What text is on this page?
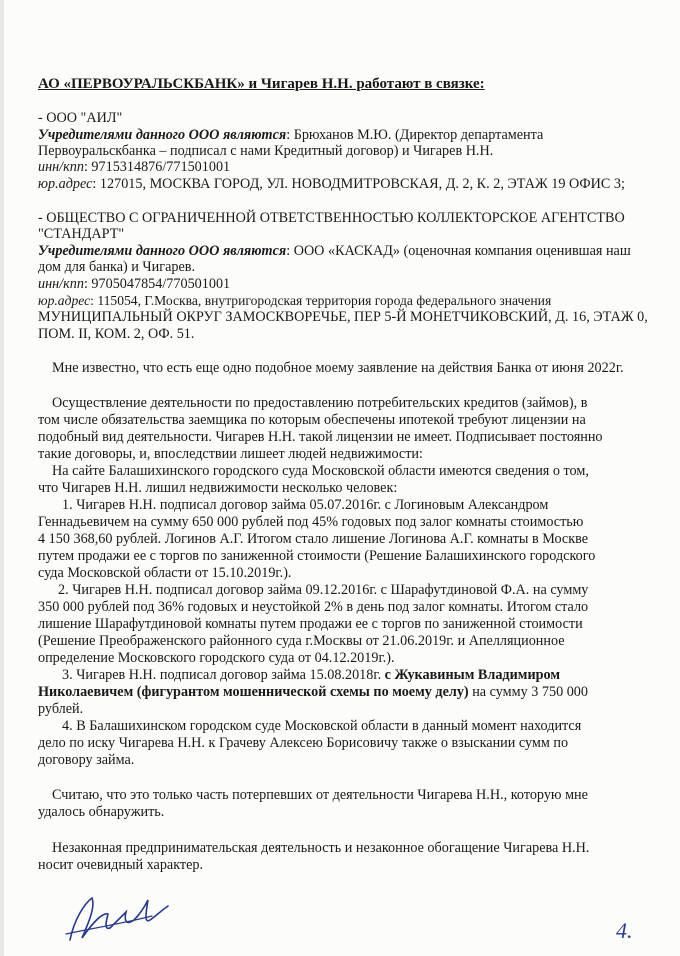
АО «ПЕРВОУРАЛЬСКБАНК» и Чигарев Н.Н. работают в связке:
- ООО "АИЛ"
Учредителями данного ООО являются: Брюханов М.Ю. (Директор департамента
Первоуральскбанка – подписал с нами Кредитный договор) и Чигарев Н.Н.
инн/кпп: 9715314876/771501001
юр.адрес: 127015, МОСКВА ГОРОД, УЛ. НОВОДМИТРОВСКАЯ, Д. 2, К. 2, ЭТАЖ 19 ОФИС 3;
- ОБЩЕСТВО С ОГРАНИЧЕННОЙ ОТВЕТСТВЕННОСТЬЮ КОЛЛЕКТОРСКОЕ АГЕНТСТВО
"СТАНДАРТ"
Учредителями данного ООО являются: ООО «КАСКАД» (оценочная компания оценившая наш
дом для банка) и Чигарев.
инн/кпп: 9705047854/770501001
юр.адрес: 115054, Г.Москва, внутригородская территория города федерального значения
МУНИЦИПАЛЬНЫЙ ОКРУГ ЗАМОСКВОРЕЧЬЕ, ПЕР 5-Й МОНЕТЧИКОВСКИЙ, Д. 16, ЭТАЖ 0,
ПОМ. II, КОМ. 2, ОФ. 51.
Мне известно, что есть еще одно подобное моему заявление на действия Банка от июня 2022г.
Осуществление деятельности по предоставлению потребительских кредитов (займов), в
том числе обязательства заемщика по которым обеспечены ипотекой требуют лицензии на
подобный вид деятельности. Чигарев Н.Н. такой лицензии не имеет. Подписывает постоянно
такие договоры, и, впоследствии лишеет людей недвижимости:
На сайте Балашихинского городского суда Московской области имеются сведения о том,
что Чигарев Н.Н. лишил недвижимости несколько человек:
1. Чигарев Н.Н. подписал договор займа 05.07.2016г. с Логиновым Александром
Геннадьевичем на сумму 650 000 рублей под 45% годовых под залог комнаты стоимостью
4 150 368,60 рублей. Логинов А.Г. Итогом стало лишение Логинова А.Г. комнаты в Москве
путем продажи ее с торгов по заниженной стоимости (Решение Балашихинского городского
суда Московской области от 15.10.2019г.).
2. Чигарев Н.Н. подписал договор займа 09.12.2016г. с Шарафутдиновой Ф.А. на сумму
350 000 рублей под 36% годовых и неустойкой 2% в день под залог комнаты. Итогом стало
лишение Шарафутдиновой комнаты путем продажи ее с торгов по заниженной стоимости
(Решение Преображенского районного суда г.Москвы от 21.06.2019г. и Апелляционное
определение Московского городского суда от 04.12.2019г.).
3. Чигарев Н.Н. подписал договор займа 15.08.2018г. с Жукавиным Владимиром
Николаевичем (фигурантом мошеннической схемы по моему делу) на сумму 3 750 000
рублей.
4. В Балашихинском городском суде Московской области в данный момент находится
дело по иску Чигарева Н.Н. к Грачеву Алексею Борисовичу также о взыскании сумм по
договору займа.
Считаю, что это только часть потерпевших от деятельности Чигарева Н.Н., которую мне
удалось обнаружить.
Незаконная предпринимательская деятельность и незаконное обогащение Чигарева Н.Н.
носит очевидный характер.
4.
